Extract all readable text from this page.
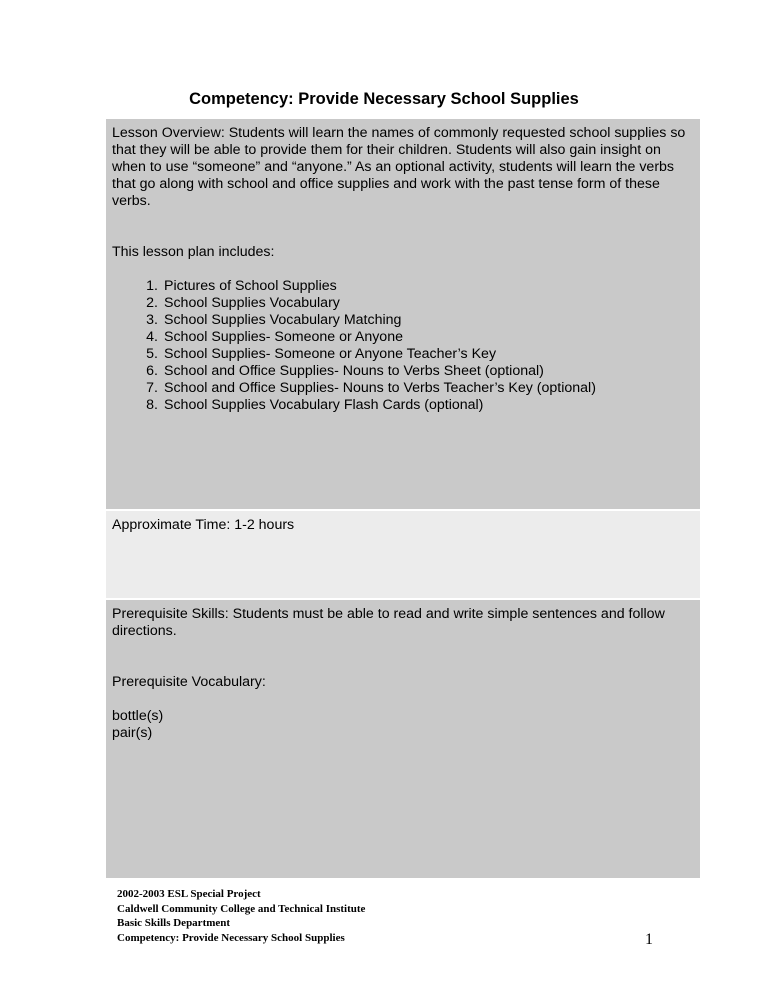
Competency: Provide Necessary School Supplies

Lesson Overview: Students will learn the names of commonly requested school supplies so that they will be able to provide them for their children. Students will also gain insight on when to use “someone” and “anyone.” As an optional activity, students will learn the verbs that go along with school and office supplies and work with the past tense form of these verbs.

This lesson plan includes:

1. Pictures of School Supplies
2. School Supplies Vocabulary
3. School Supplies Vocabulary Matching
4. School Supplies- Someone or Anyone
5. School Supplies- Someone or Anyone Teacher’s Key
6. School and Office Supplies- Nouns to Verbs Sheet (optional)
7. School and Office Supplies- Nouns to Verbs Teacher’s Key (optional)
8. School Supplies Vocabulary Flash Cards (optional)

Approximate Time: 1-2 hours

Prerequisite Skills: Students must be able to read and write simple sentences and follow directions.

Prerequisite Vocabulary:

bottle(s)

pair(s)

2002-2003 ESL Special Project
Caldwell Community College and Technical Institute
Basic Skills Department
Competency: Provide Necessary School Supplies	1
